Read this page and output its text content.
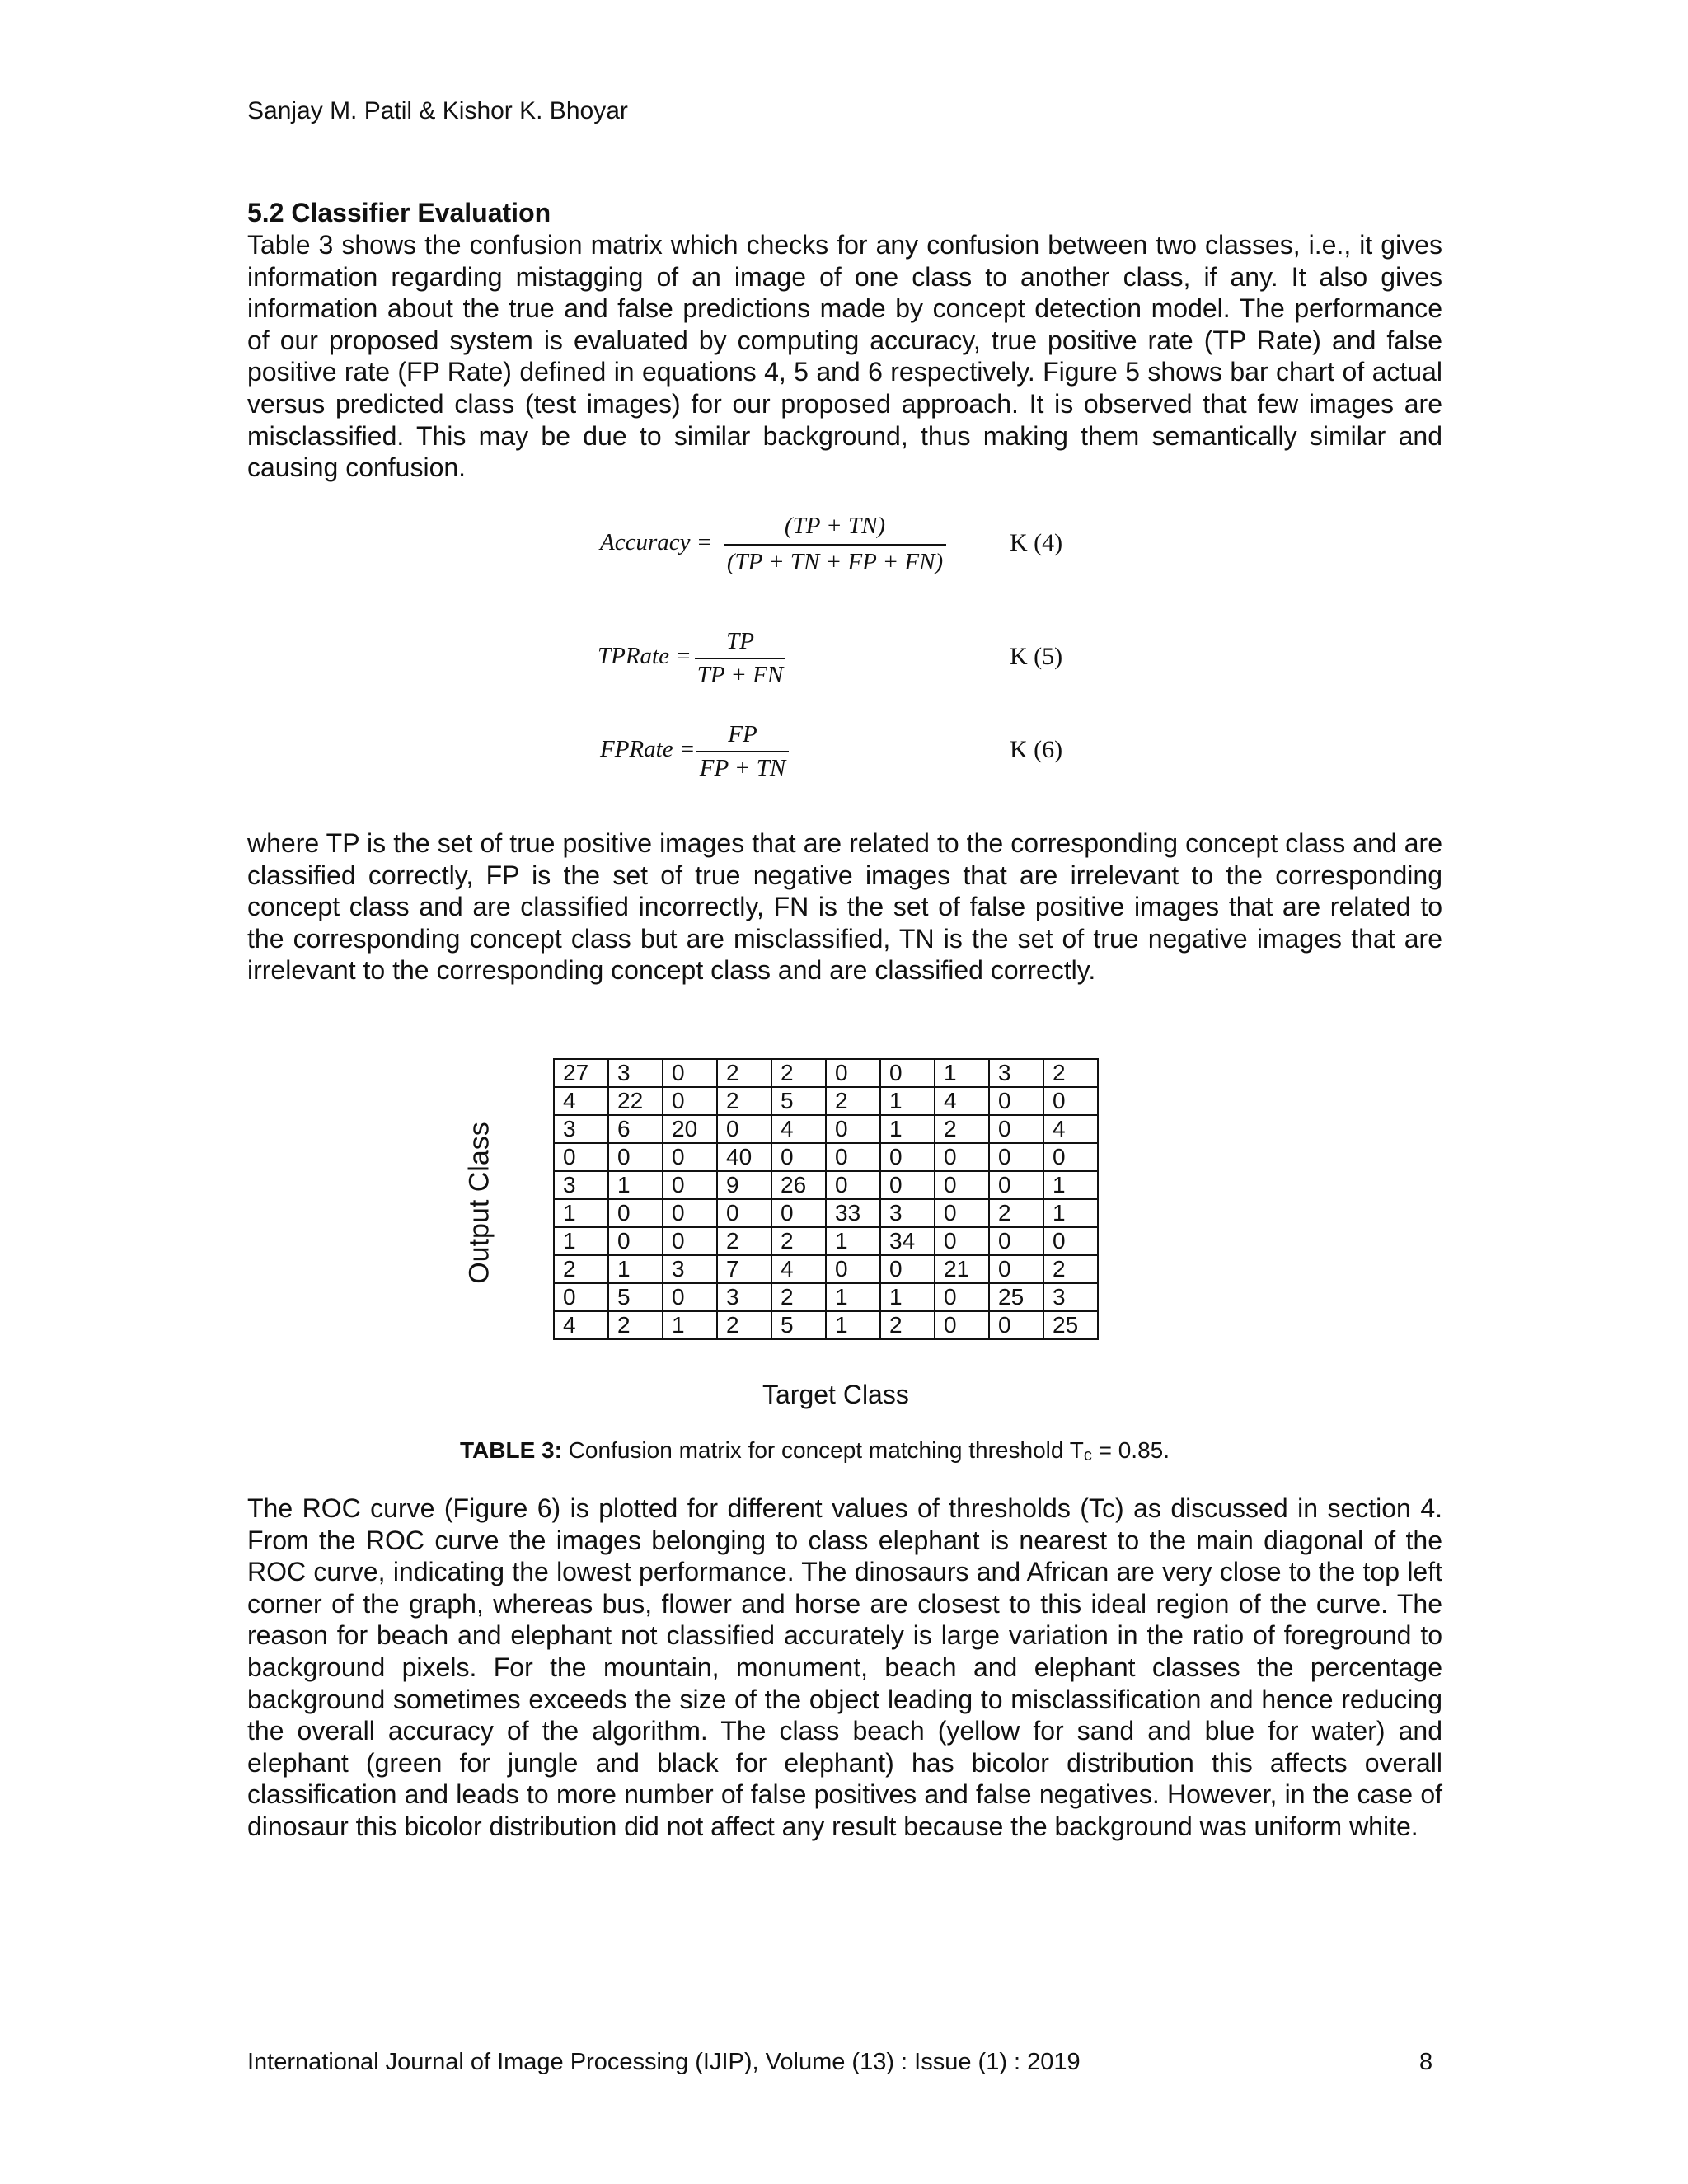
Sanjay M. Patil & Kishor K. Bhoyar
5.2 Classifier Evaluation
Table 3 shows the confusion matrix which checks for any confusion between two classes, i.e., it gives information regarding mistagging of an image of one class to another class, if any. It also gives information about the true and false predictions made by concept detection model. The performance of our proposed system is evaluated by computing accuracy, true positive rate (TP Rate) and false positive rate (FP Rate) defined in equations 4, 5 and 6 respectively. Figure 5 shows bar chart of actual versus predicted class (test images) for our proposed approach. It is observed that few images are misclassified. This may be due to similar background, thus making them semantically similar and causing confusion.
Accuracy =
(TP + TN)
(TP + TN + FP + FN)
K (4)
TPRate =
TP
TP + FN
K (5)
FPRate =
FP
FP + TN
K (6)
where TP is the set of true positive images that are related to the corresponding concept class and are classified correctly, FP is the set of true negative images that are irrelevant to the corresponding concept class and are classified incorrectly, FN is the set of false positive images that are related to the corresponding concept class but are misclassified, TN is the set of true negative images that are irrelevant to the corresponding concept class and are classified correctly.
Output Class
27	3	0	2	2	0	0	1	3	2
4	22	0	2	5	2	1	4	0	0
3	6	20	0	4	0	1	2	0	4
0	0	0	40	0	0	0	0	0	0
3	1	0	9	26	0	0	0	0	1
1	0	0	0	0	33	3	0	2	1
1	0	0	2	2	1	34	0	0	0
2	1	3	7	4	0	0	21	0	2
0	5	0	3	2	1	1	0	25	3
4	2	1	2	5	1	2	0	0	25
Target Class
TABLE 3: Confusion matrix for concept matching threshold $T_c = 0.85$.
The ROC curve (Figure 6) is plotted for different values of thresholds (Tc) as discussed in section 4. From the ROC curve the images belonging to class elephant is nearest to the main diagonal of the ROC curve, indicating the lowest performance. The dinosaurs and African are very close to the top left corner of the graph, whereas bus, flower and horse are closest to this ideal region of the curve. The reason for beach and elephant not classified accurately is large variation in the ratio of foreground to background pixels. For the mountain, monument, beach and elephant classes the percentage background sometimes exceeds the size of the object leading to misclassification and hence reducing the overall accuracy of the algorithm. The class beach (yellow for sand and blue for water) and elephant (green for jungle and black for elephant) has bicolor distribution this affects overall classification and leads to more number of false positives and false negatives. However, in the case of dinosaur this bicolor distribution did not affect any result because the background was uniform white.
International Journal of Image Processing (IJIP), Volume (13) : Issue (1) : 2019	8
